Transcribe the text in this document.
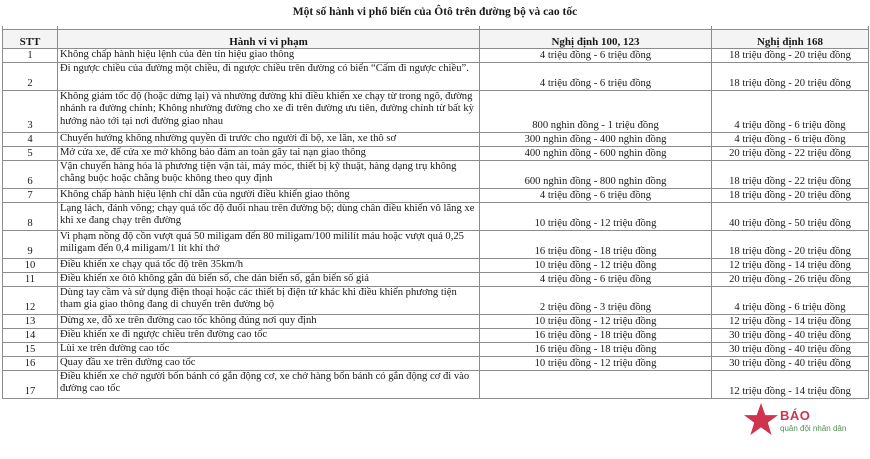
Một số hành vi phổ biến của Ôtô trên đường bộ và cao tốc

STT	Hành vi vi phạm	Nghị định 100, 123	Nghị định 168
1	Không chấp hành hiệu lệnh của đèn tín hiệu giao thông	4 triệu đồng - 6 triệu đồng	18 triệu đồng - 20 triệu đồng
2	Đi ngược chiều của đường một chiều, đi ngược chiều trên đường có biển “Cấm đi ngược chiều”.	4 triệu đồng - 6 triệu đồng	18 triệu đồng - 20 triệu đồng
3	Không giảm tốc độ (hoặc dừng lại) và nhường đường khi điều khiển xe chạy từ trong ngõ, đường nhánh ra đường chính; Không nhường đường cho xe đi trên đường ưu tiên, đường chính từ bất kỳ hướng nào tới tại nơi đường giao nhau	800 nghìn đồng - 1 triệu đồng	4 triệu đồng - 6 triệu đồng
4	Chuyển hướng không nhường quyền đi trước cho người đi bộ, xe lăn, xe thô sơ	300 nghìn đồng - 400 nghìn đồng	4 triệu đồng - 6 triệu đồng
5	Mở cửa xe, để cửa xe mở không bảo đảm an toàn gây tai nạn giao thông	400 nghìn đồng - 600 nghìn đồng	20 triệu đồng - 22 triệu đồng
6	Vận chuyển hàng hóa là phương tiện vận tải, máy móc, thiết bị kỹ thuật, hàng dạng trụ không chằng buộc hoặc chằng buộc không theo quy định	600 nghìn đồng - 800 nghìn đồng	18 triệu đồng - 22 triệu đồng
7	Không chấp hành hiệu lệnh chỉ dẫn của người điều khiển giao thông	4 triệu đồng - 6 triệu đồng	18 triệu đồng - 20 triệu đồng
8	Lạng lách, đánh võng; chạy quá tốc độ đuổi nhau trên đường bộ; dùng chân điều khiển vô lăng xe khi xe đang chạy trên đường	10 triệu đồng - 12 triệu đồng	40 triệu đồng - 50 triệu đồng
9	Vi phạm nồng độ cồn vượt quá 50 miligam đến 80 miligam/100 mililít máu hoặc vượt quá 0,25 miligam đến 0,4 miligam/1 lít khí thở	16 triệu đồng - 18 triệu đồng	18 triệu đồng - 20 triệu đồng
10	Điều khiển xe chạy quá tốc độ trên 35km/h	10 triệu đồng - 12 triệu đồng	12 triệu đồng - 14 triệu đồng
11	Điều khiển xe ôtô không gắn đủ biển số, che dán biển số, gắn biển số giả	4 triệu đồng - 6 triệu đồng	20 triệu đồng - 26 triệu đồng
12	Dùng tay cầm và sử dụng điện thoại hoặc các thiết bị điện tử khác khi điều khiển phương tiện tham gia giao thông đang di chuyển trên đường bộ	2 triệu đồng - 3 triệu đồng	4 triệu đồng - 6 triệu đồng
13	Dừng xe, đỗ xe trên đường cao tốc không đúng nơi quy định	10 triệu đồng - 12 triệu đồng	12 triệu đồng - 14 triệu đồng
14	Điều khiển xe đi ngược chiều trên đường cao tốc	16 triệu đồng - 18 triệu đồng	30 triệu đồng - 40 triệu đồng
15	Lùi xe trên đường cao tốc	16 triệu đồng - 18 triệu đồng	30 triệu đồng - 40 triệu đồng
16	Quay đầu xe trên đường cao tốc	10 triệu đồng - 12 triệu đồng	30 triệu đồng - 40 triệu đồng
17	Điều khiển xe chở người bốn bánh có gắn động cơ, xe chở hàng bốn bánh có gắn động cơ đi vào đường cao tốc		12 triệu đồng - 14 triệu đồng
BÁO
quân đội nhân dân
